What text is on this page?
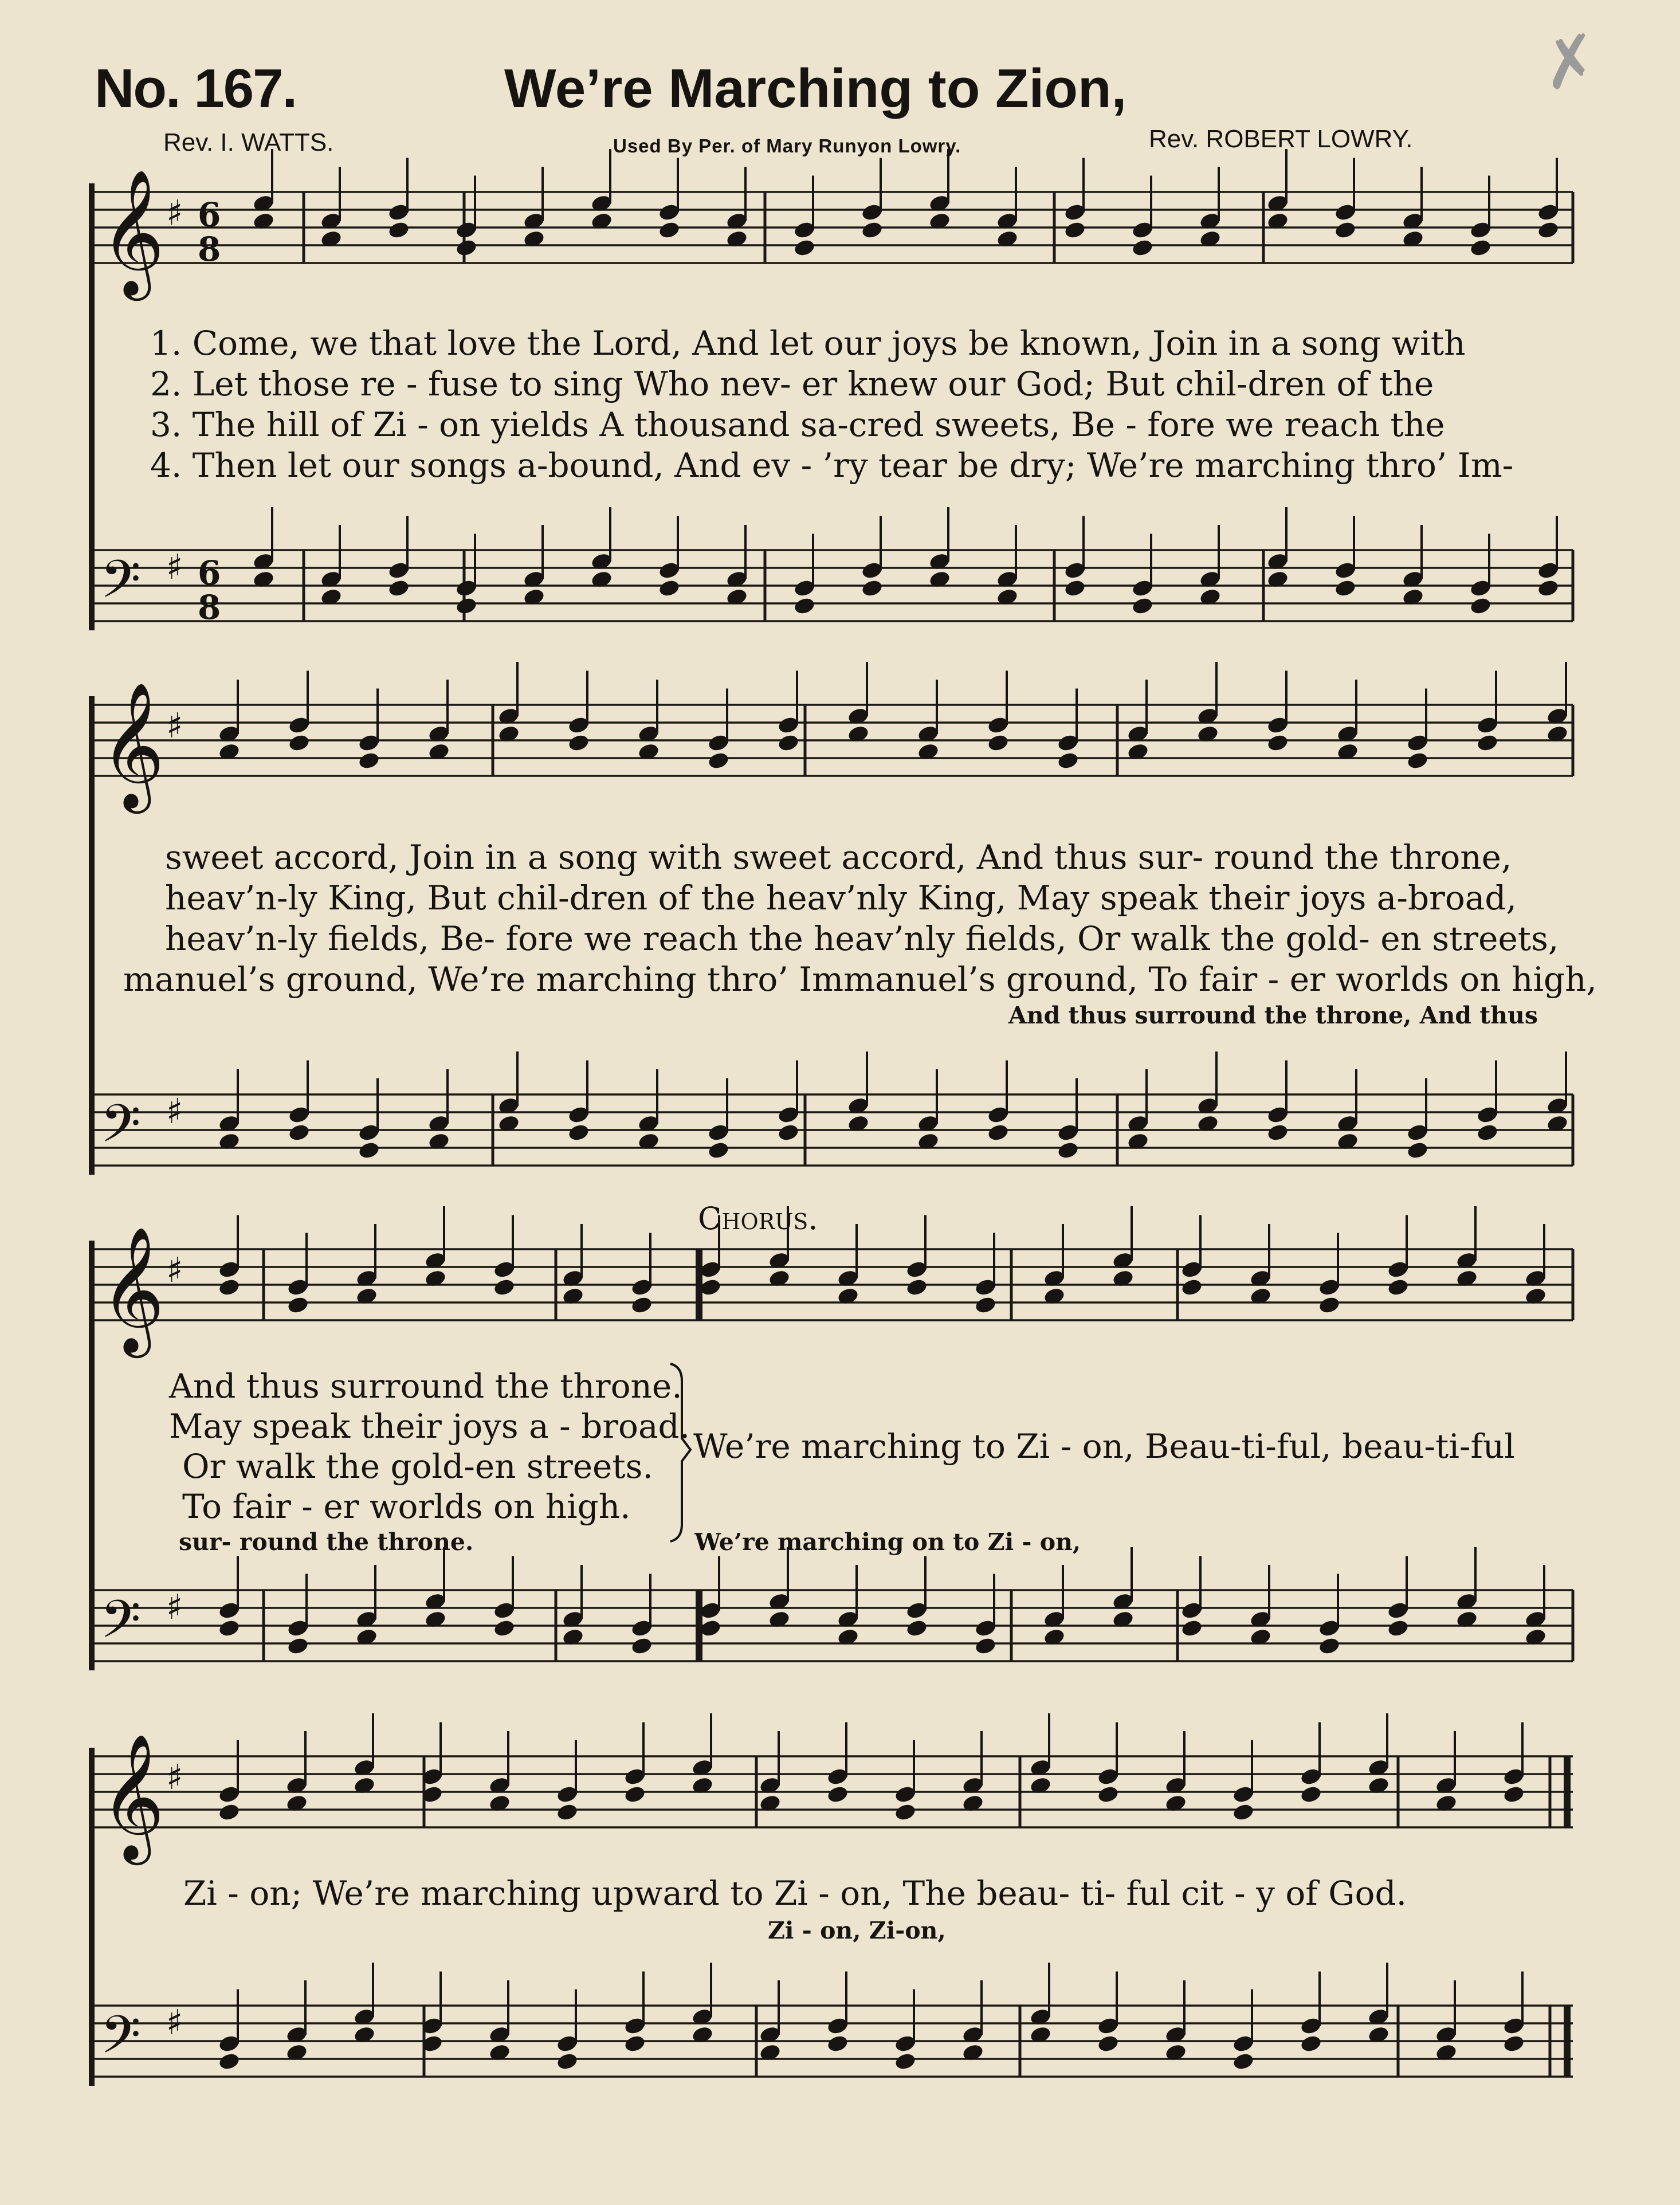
No. 167.	We’re Marching to Zion,
Rev. I. WATTS.	Used By Per. of Mary Runyon Lowry.	Rev. ROBERT LOWRY.
✗
𝄞 ♯ 6
8
𝄢 ♯ 6
8
𝄞 ♯
𝄢 ♯
𝄞 ♯
𝄢 ♯
𝄞 ♯
𝄢 ♯
1. Come, we that love the Lord, And let our joys be known, Join in a song with
2. Let those re - fuse to sing Who nev- er knew our God; But chil-dren of the
3. The hill of Zi - on yields A thousand sa-cred sweets, Be - fore we reach the
4. Then let our songs a-bound, And ev - ’ry tear be dry; We’re marching thro’ Im-
sweet accord, Join in a song with sweet accord, And thus sur- round the throne,
heav’n-ly King, But chil-dren of the heav’nly King, May speak their joys a-broad,
heav’n-ly fields, Be- fore we reach the heav’nly fields, Or walk the gold- en streets,
manuel’s ground, We’re marching thro’ Immanuel’s ground, To fair - er worlds on high,
And thus surround the throne, And thus
Chorus.
And thus surround the throne.
May speak their joys a - broad.
Or walk the gold-en streets.
To fair - er worlds on high.
sur- round the throne.
We’re marching to Zi - on, Beau-ti-ful, beau-ti-ful
We’re marching on to Zi - on,
Zi - on; We’re marching upward to Zi - on, The beau- ti- ful cit - y of God.
Zi - on, Zi-on,
